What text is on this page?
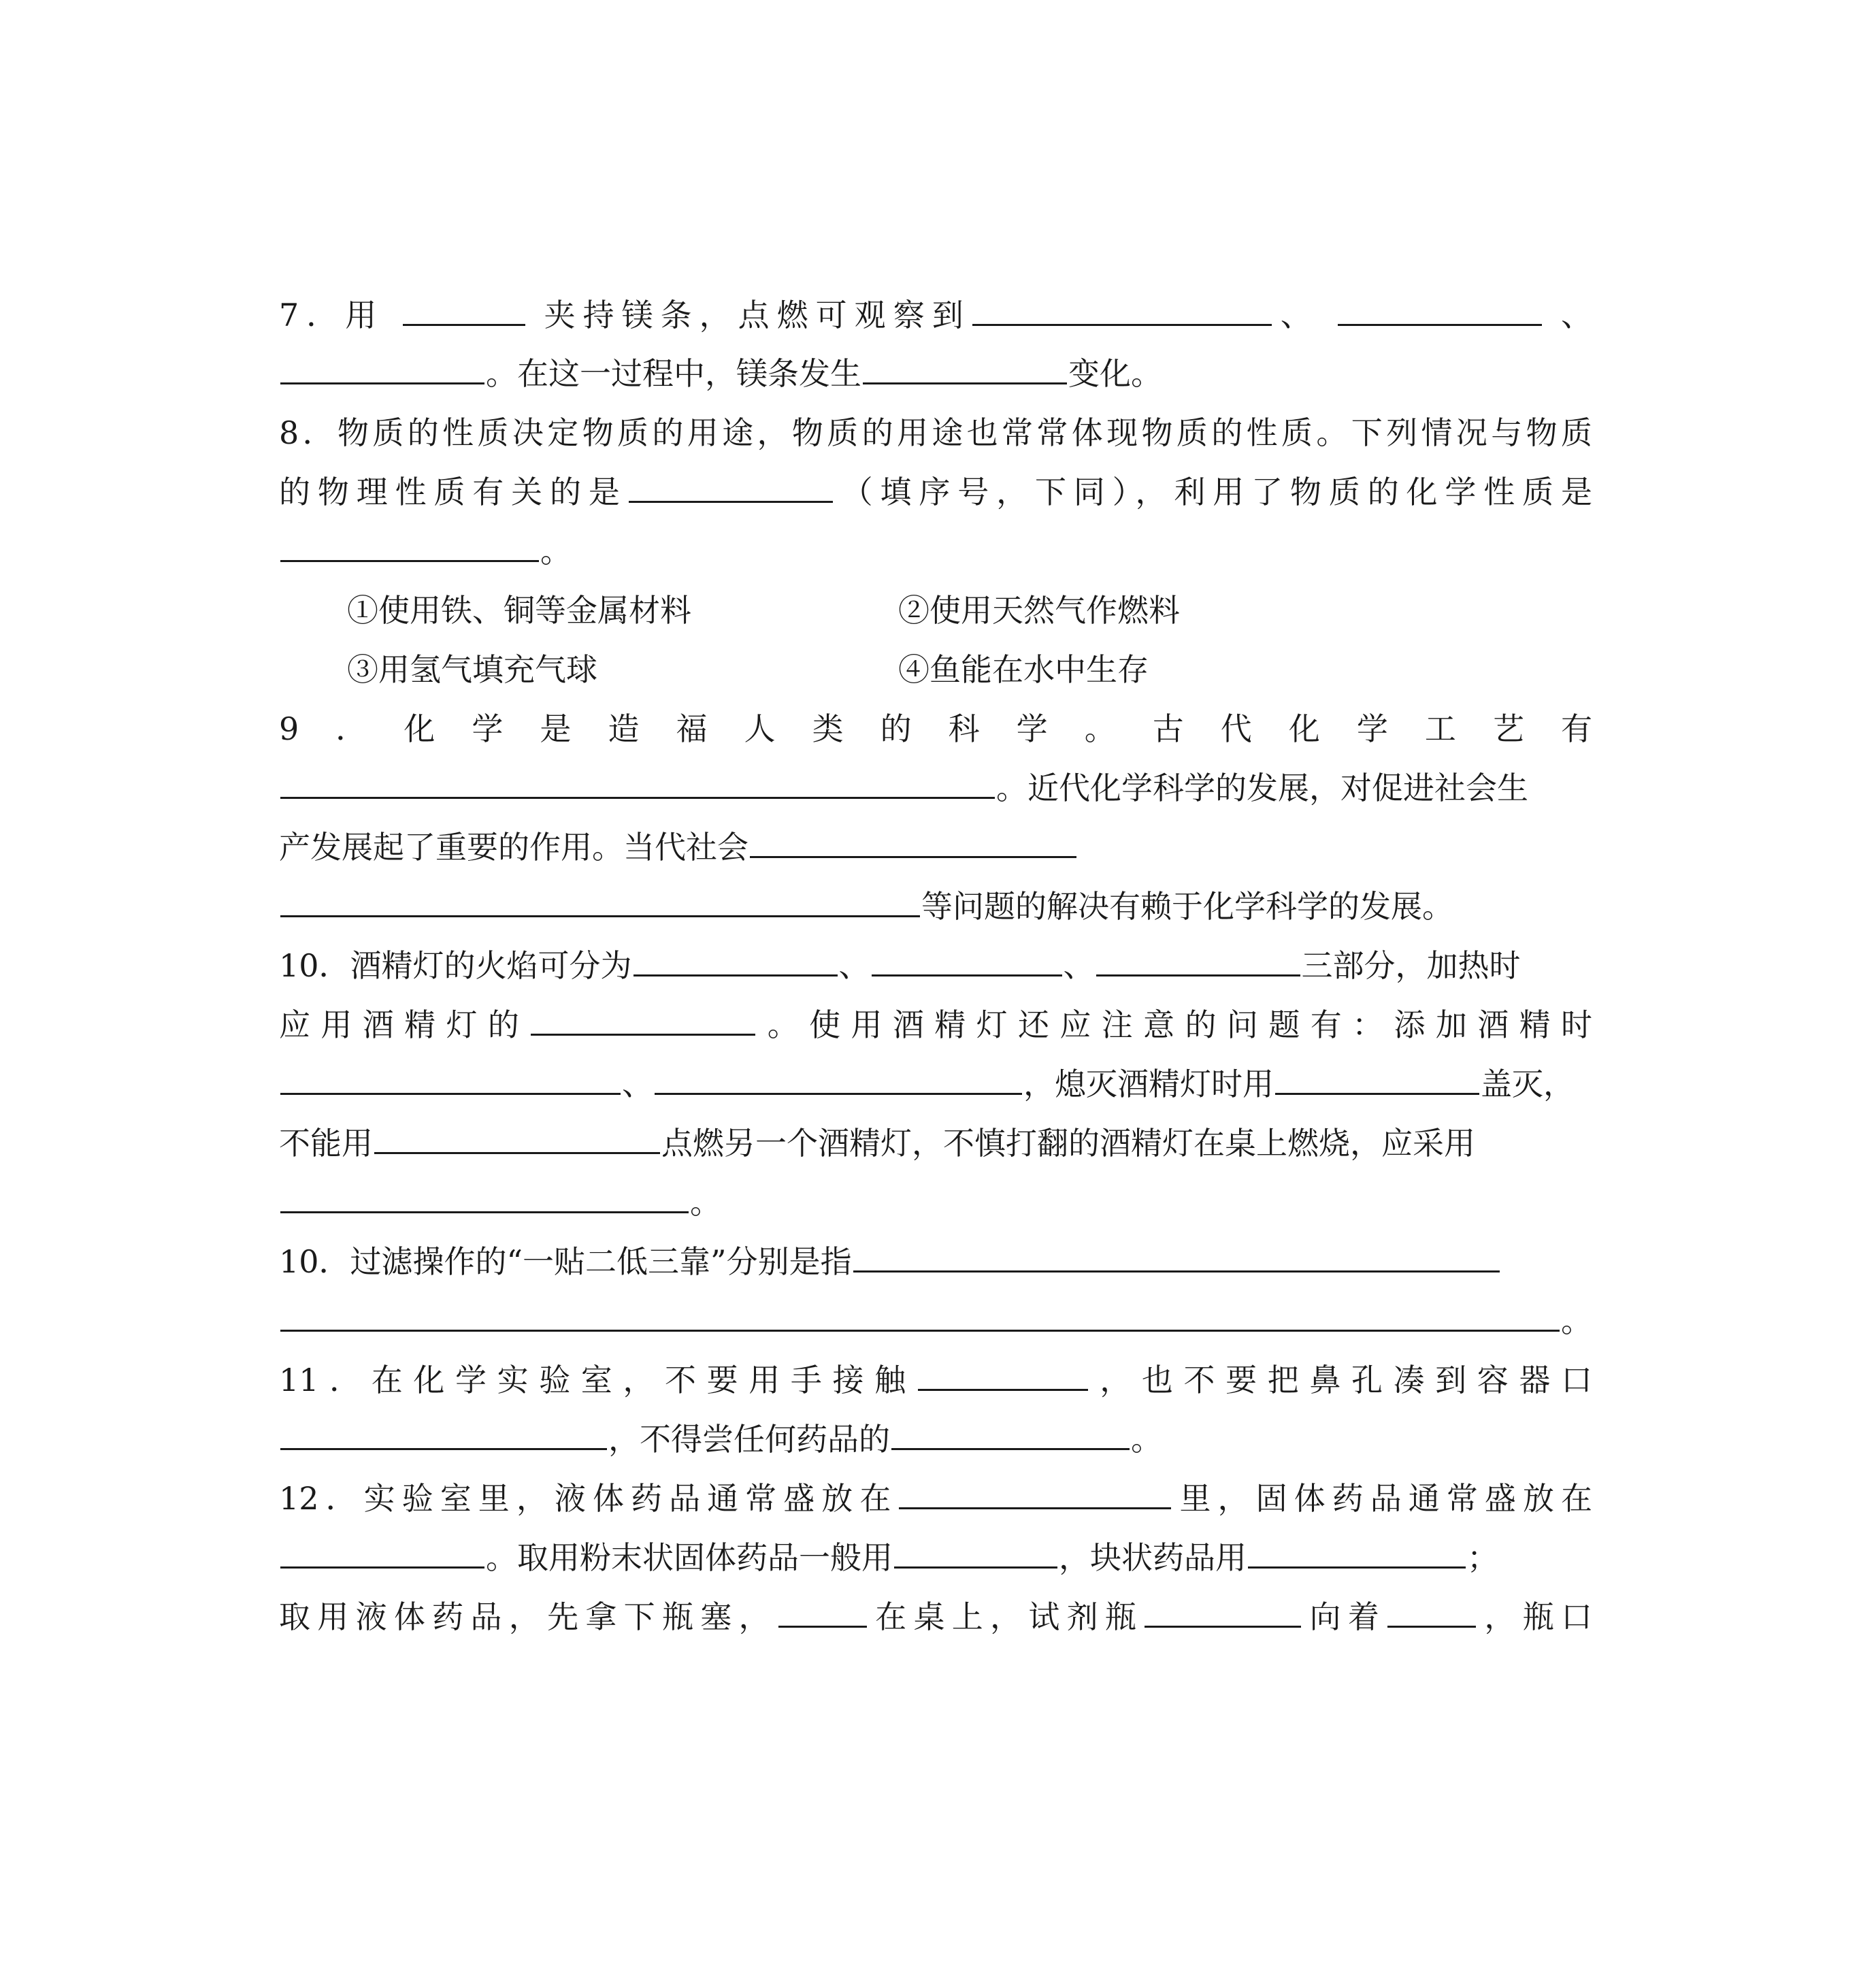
7．用	夹持镁条，点燃可观察到	、	、
。在这一过程中，镁条发生	变化。
8．物质的性质决定物质的用途，物质的用途也常常体现物质的性质。下列情况与物质
的物理性质有关的是	（填序号，下同），利用了物质的化学性质是
。
①使用铁、铜等金属材料	②使用天然气作燃料
③用氢气填充气球	④鱼能在水中生存
9．化学是造福人类的科学。古代化学工艺有
。近代化学科学的发展，对促进社会生
产发展起了重要的作用。当代社会
等问题的解决有赖于化学科学的发展。
10．酒精灯的火焰可分为	、	、	三部分，加热时
应用酒精灯的	。使用酒精灯还应注意的问题有：添加酒精时
、	，熄灭酒精灯时用	盖灭，
不能用	点燃另一个酒精灯，不慎打翻的酒精灯在桌上燃烧，应采用
。
10．过滤操作的“一贴二低三靠”分别是指
。
11．在化学实验室，不要用手接触	，也不要把鼻孔凑到容器口
，不得尝任何药品的	。
12．实验室里，液体药品通常盛放在	里，固体药品通常盛放在
。取用粉末状固体药品一般用	，块状药品用	；
取用液体药品，先拿下瓶塞，	在桌上，试剂瓶	向着	，瓶口
